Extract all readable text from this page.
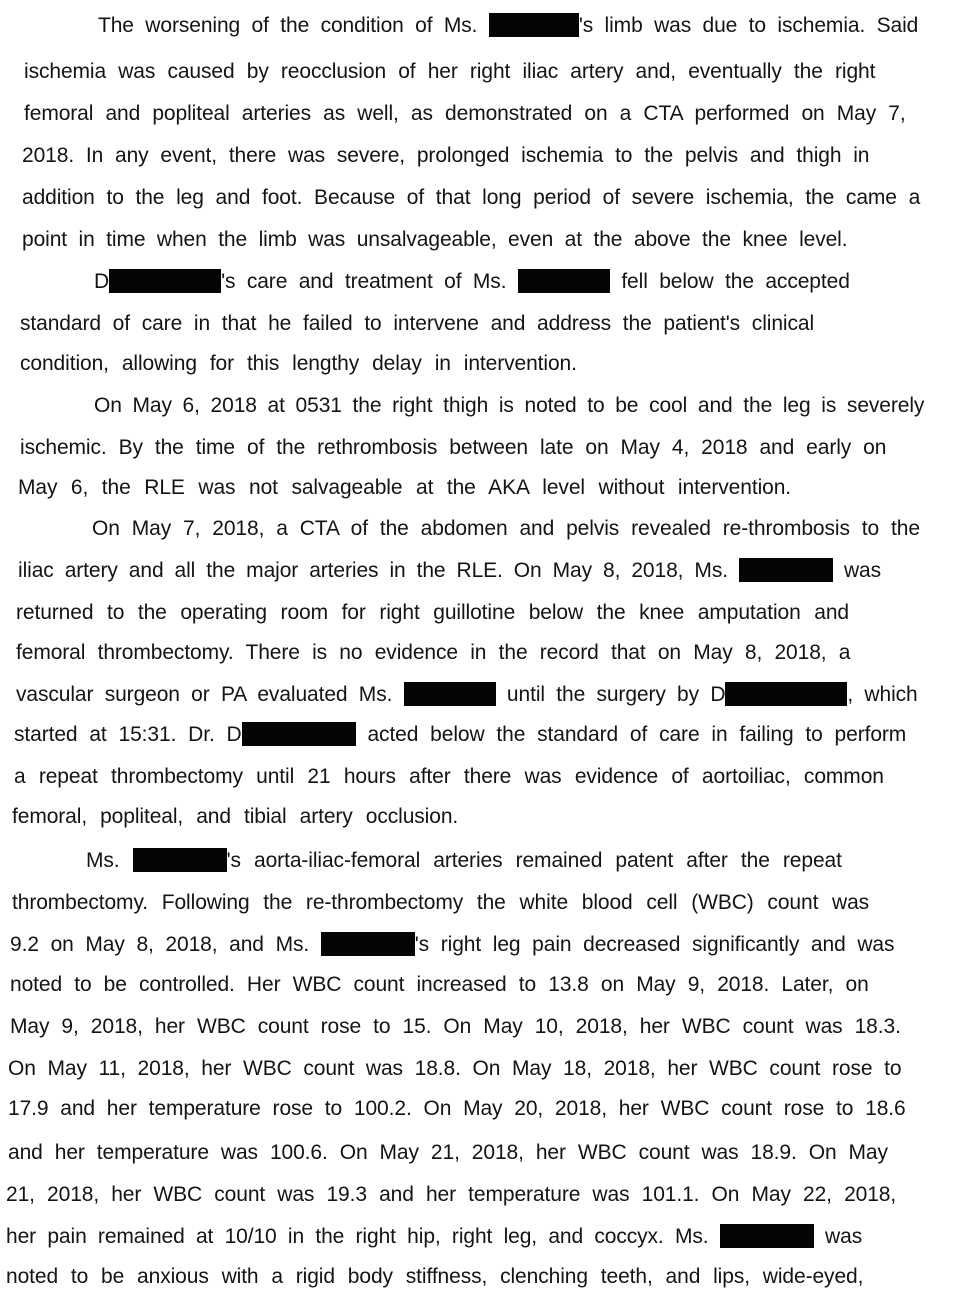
The worsening of the condition of Ms.	's limb was due to ischemia. Said
ischemia was caused by reocclusion of her right iliac artery and, eventually the right
femoral and popliteal arteries as well, as demonstrated on a CTA performed on May 7,
2018. In any event, there was severe, prolonged ischemia to the pelvis and thigh in
addition to the leg and foot. Because of that long period of severe ischemia, the came a
point in time when the limb was unsalvageable, even at the above the knee level.
D	's care and treatment of Ms.	fell below the accepted
standard of care in that he failed to intervene and address the patient's clinical
condition, allowing for this lengthy delay in intervention.
On May 6, 2018 at 0531 the right thigh is noted to be cool and the leg is severely
ischemic. By the time of the rethrombosis between late on May 4, 2018 and early on
May 6, the RLE was not salvageable at the AKA level without intervention.
On May 7, 2018, a CTA of the abdomen and pelvis revealed re-thrombosis to the
iliac artery and all the major arteries in the RLE. On May 8, 2018, Ms.	was
returned to the operating room for right guillotine below the knee amputation and
femoral thrombectomy. There is no evidence in the record that on May 8, 2018, a
vascular surgeon or PA evaluated Ms.	until the surgery by D	, which
started at 15:31. Dr. D	acted below the standard of care in failing to perform
a repeat thrombectomy until 21 hours after there was evidence of aortoiliac, common
femoral, popliteal, and tibial artery occlusion.
Ms.	's aorta-iliac-femoral arteries remained patent after the repeat
thrombectomy. Following the re-thrombectomy the white blood cell (WBC) count was
9.2 on May 8, 2018, and Ms.	's right leg pain decreased significantly and was
noted to be controlled. Her WBC count increased to 13.8 on May 9, 2018. Later, on
May 9, 2018, her WBC count rose to 15. On May 10, 2018, her WBC count was 18.3.
On May 11, 2018, her WBC count was 18.8. On May 18, 2018, her WBC count rose to
17.9 and her temperature rose to 100.2. On May 20, 2018, her WBC count rose to 18.6
and her temperature was 100.6. On May 21, 2018, her WBC count was 18.9. On May
21, 2018, her WBC count was 19.3 and her temperature was 101.1. On May 22, 2018,
her pain remained at 10/10 in the right hip, right leg, and coccyx. Ms.	was
noted to be anxious with a rigid body stiffness, clenching teeth, and lips, wide-eyed,
